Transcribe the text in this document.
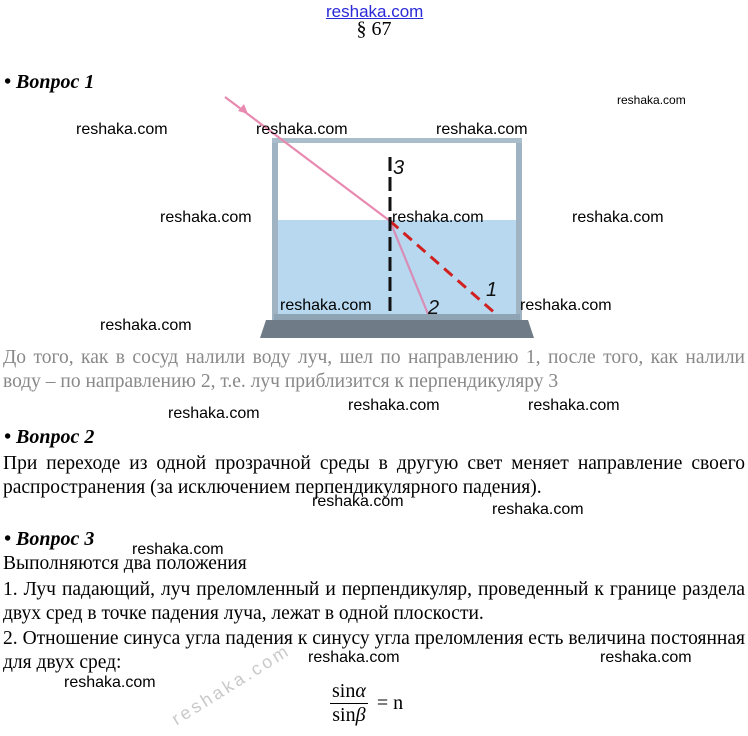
reshaka.com
§ 67
• Вопрос 1
3
2
1
До того, как в сосуд налили воду луч, шел по направлению 1, после того, как налили воду – по направлению 2, т.е. луч приблизится к перпендикуляру 3
• Вопрос 2
При переходе из одной прозрачной среды в другую свет меняет направление своего распространения (за исключением перпендикулярного падения).
• Вопрос 3
Выполняются два положения
1. Луч падающий, луч преломленный и перпендикуляр, проведенный к границе раздела двух сред в точке падения луча, лежат в одной плоскости.
2. Отношение синуса угла падения к синусу угла преломления есть величина постоянная для двух сред:
$\frac{\sin\alpha}{\sin\beta} = n$
reshaka.com
reshaka.com
reshaka.com	reshaka.com	reshaka.com
reshaka.com	reshaka.com	reshaka.com
reshaka.com	reshaka.com
reshaka.com
reshaka.com	reshaka.com	reshaka.com
reshaka.com	reshaka.com
reshaka.com
reshaka.com	reshaka.com
reshaka.com
